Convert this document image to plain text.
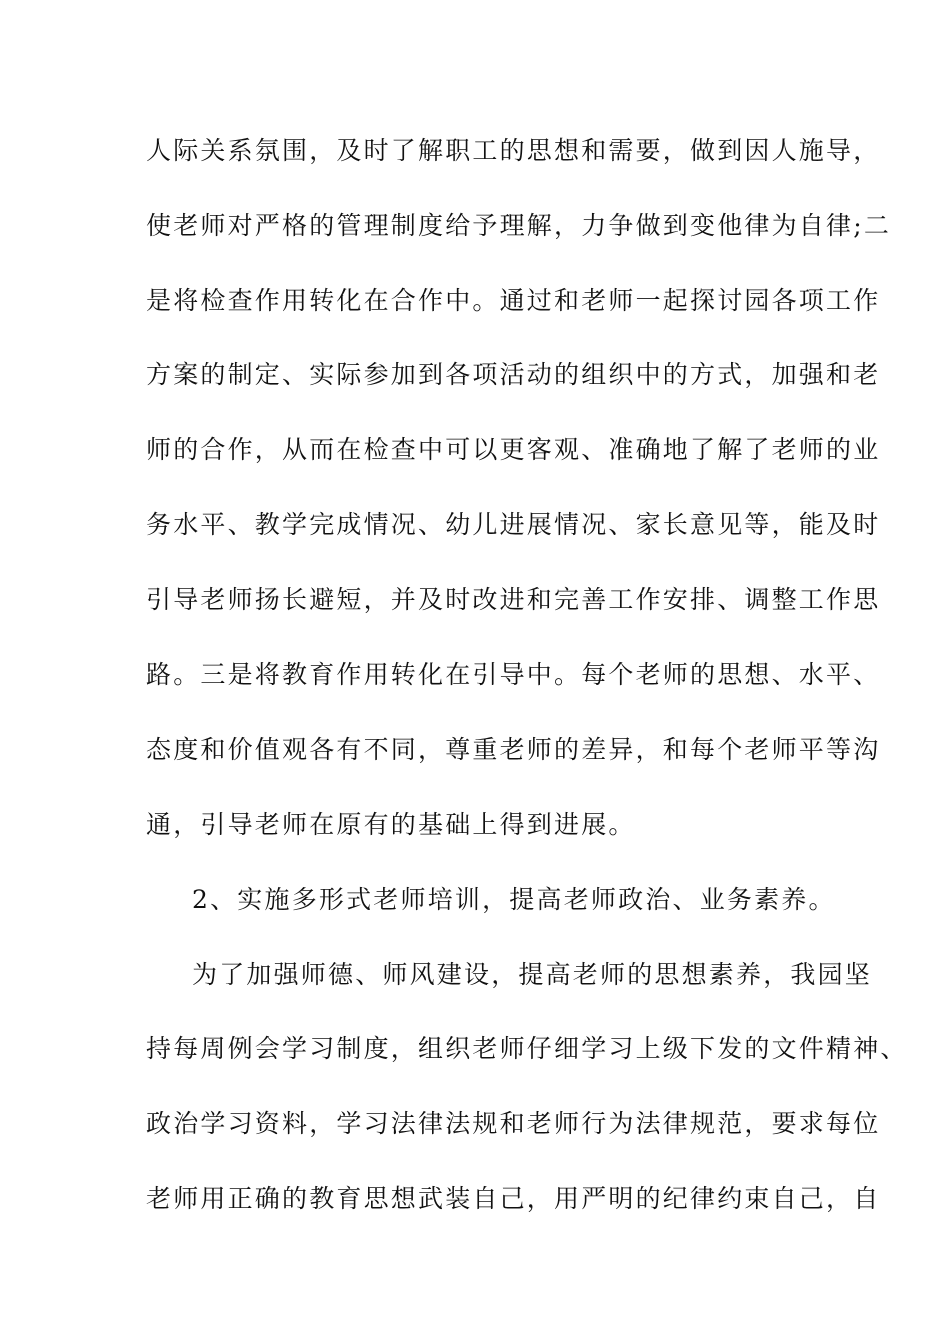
人际关系氛围，及时了解职工的思想和需要，做到因人施导，
使老师对严格的管理制度给予理解，力争做到变他律为自律;二
是将检查作用转化在合作中。通过和老师一起探讨园各项工作
方案的制定、实际参加到各项活动的组织中的方式，加强和老
师的合作，从而在检查中可以更客观、准确地了解了老师的业
务水平、教学完成情况、幼儿进展情况、家长意见等，能及时
引导老师扬长避短，并及时改进和完善工作安排、调整工作思
路。三是将教育作用转化在引导中。每个老师的思想、水平、
态度和价值观各有不同，尊重老师的差异，和每个老师平等沟
通，引导老师在原有的基础上得到进展。
2、实施多形式老师培训，提高老师政治、业务素养。
为了加强师德、师风建设，提高老师的思想素养，我园坚
持每周例会学习制度，组织老师仔细学习上级下发的文件精神、
政治学习资料，学习法律法规和老师行为法律规范，要求每位
老师用正确的教育思想武装自己，用严明的纪律约束自己，自
